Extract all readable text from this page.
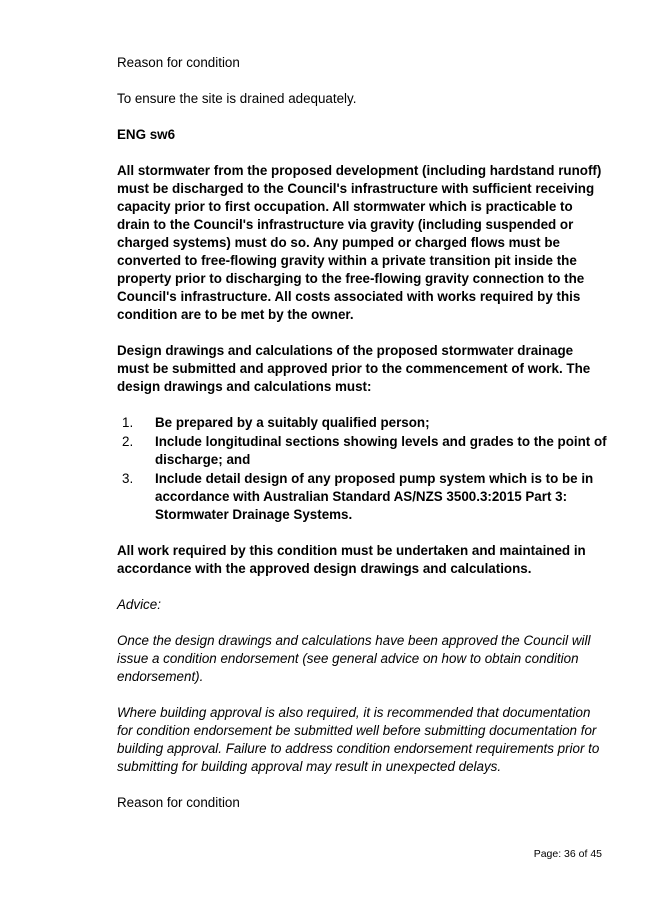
Reason for condition

To ensure the site is drained adequately.

ENG sw6

All stormwater from the proposed development (including hardstand runoff) must be discharged to the Council's infrastructure with sufficient receiving capacity prior to first occupation. All stormwater which is practicable to drain to the Council's infrastructure via gravity (including suspended or charged systems) must do so. Any pumped or charged flows must be converted to free-flowing gravity within a private transition pit inside the property prior to discharging to the free-flowing gravity connection to the Council's infrastructure. All costs associated with works required by this condition are to be met by the owner.

Design drawings and calculations of the proposed stormwater drainage must be submitted and approved prior to the commencement of work. The design drawings and calculations must:

1. Be prepared by a suitably qualified person;
2. Include longitudinal sections showing levels and grades to the point of discharge; and
3. Include detail design of any proposed pump system which is to be in accordance with Australian Standard AS/NZS 3500.3:2015 Part 3: Stormwater Drainage Systems.

All work required by this condition must be undertaken and maintained in accordance with the approved design drawings and calculations.

Advice:

Once the design drawings and calculations have been approved the Council will issue a condition endorsement (see general advice on how to obtain condition endorsement).

Where building approval is also required, it is recommended that documentation for condition endorsement be submitted well before submitting documentation for building approval. Failure to address condition endorsement requirements prior to submitting for building approval may result in unexpected delays.

Reason for condition

Page: 36 of 45
